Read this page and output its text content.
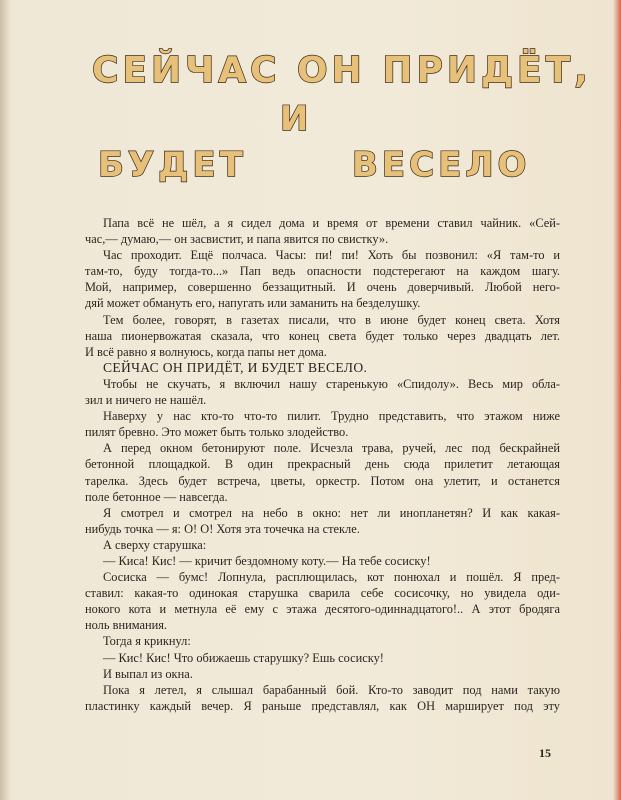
СЕЙЧАС ОН ПРИДЁТ,
И
БУДЕТ	ВЕСЕЛО
Папа всё не шёл, а я сидел дома и время от времени ставил чайник. «Сей-
час,— думаю,— он засвистит, и папа явится по свистку».
Час проходит. Ещё полчаса. Часы: пи! пи! Хоть бы позвонил: «Я там-то и
там-то, буду тогда-то...» Пап ведь опасности подстерегают на каждом шагу.
Мой, например, совершенно беззащитный. И очень доверчивый. Любой него-
дяй может обмануть его, напугать или заманить на безделушку.
Тем более, говорят, в газетах писали, что в июне будет конец света. Хотя
наша пионервожатая сказала, что конец света будет только через двадцать лет.
И всё равно я волнуюсь, когда папы нет дома.
СЕЙЧАС ОН ПРИДЁТ, И БУДЕТ ВЕСЕЛО.
Чтобы не скучать, я включил нашу старенькую «Спидолу». Весь мир обла-
зил и ничего не нашёл.
Наверху у нас кто-то что-то пилит. Трудно представить, что этажом ниже
пилят бревно. Это может быть только злодейство.
А перед окном бетонируют поле. Исчезла трава, ручей, лес под бескрайней
бетонной площадкой. В один прекрасный день сюда прилетит летающая
тарелка. Здесь будет встреча, цветы, оркестр. Потом она улетит, и останется
поле бетонное — навсегда.
Я смотрел и смотрел на небо в окно: нет ли инопланетян? И как какая-
нибудь точка — я: О! О! Хотя эта точечка на стекле.
А сверху старушка:
— Киса! Кис! — кричит бездомному коту.— На тебе сосиску!
Сосиска — бумс! Лопнула, расплющилась, кот понюхал и пошёл. Я пред-
ставил: какая-то одинокая старушка сварила себе сосисочку, но увидела оди-
нокого кота и метнула её ему с этажа десятого-одиннадцатого!.. А этот бродяга
ноль внимания.
Тогда я крикнул:
— Кис! Кис! Что обижаешь старушку? Ешь сосиску!
И выпал из окна.
Пока я летел, я слышал барабанный бой. Кто-то заводит под нами такую
пластинку каждый вечер. Я раньше представлял, как ОН марширует под эту
15
